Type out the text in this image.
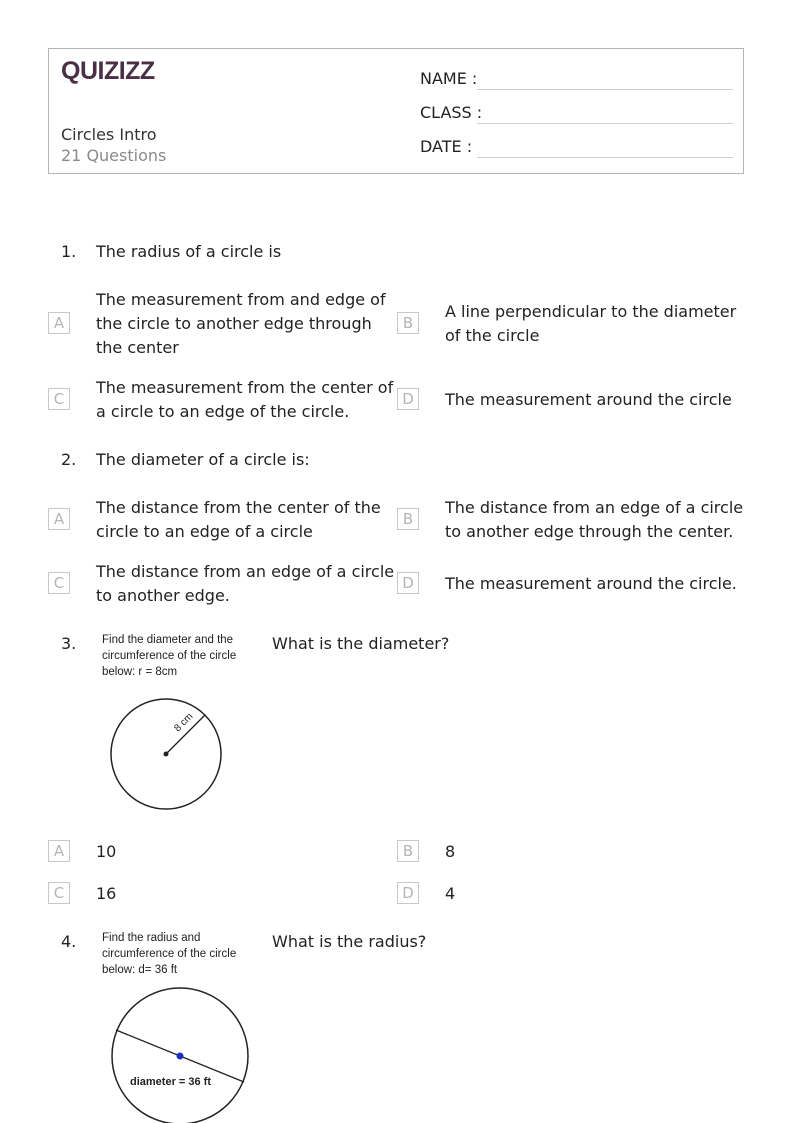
QUIZIZZ
Circles Intro
21 Questions
NAME :
CLASS :
DATE :
1. The radius of a circle is
A
The measurement from and edge of the circle to another edge through the center
B
A line perpendicular to the diameter of the circle
C
The measurement from the center of a circle to an edge of the circle.
D	The measurement around the circle
2. The diameter of a circle is:
A
The distance from the center of the circle to an edge of a circle
B
The distance from an edge of a circle to another edge through the center.
C
The distance from an edge of a circle to another edge.
D	The measurement around the circle.
3. Find the diameter and the
circumference of the circle
below: r = 8cm
What is the diameter?
8 cm
A	10	B	8
C	16	D	4
4. Find the radius and
circumference of the circle
below: d= 36 ft
What is the radius?
diameter = 36 ft
